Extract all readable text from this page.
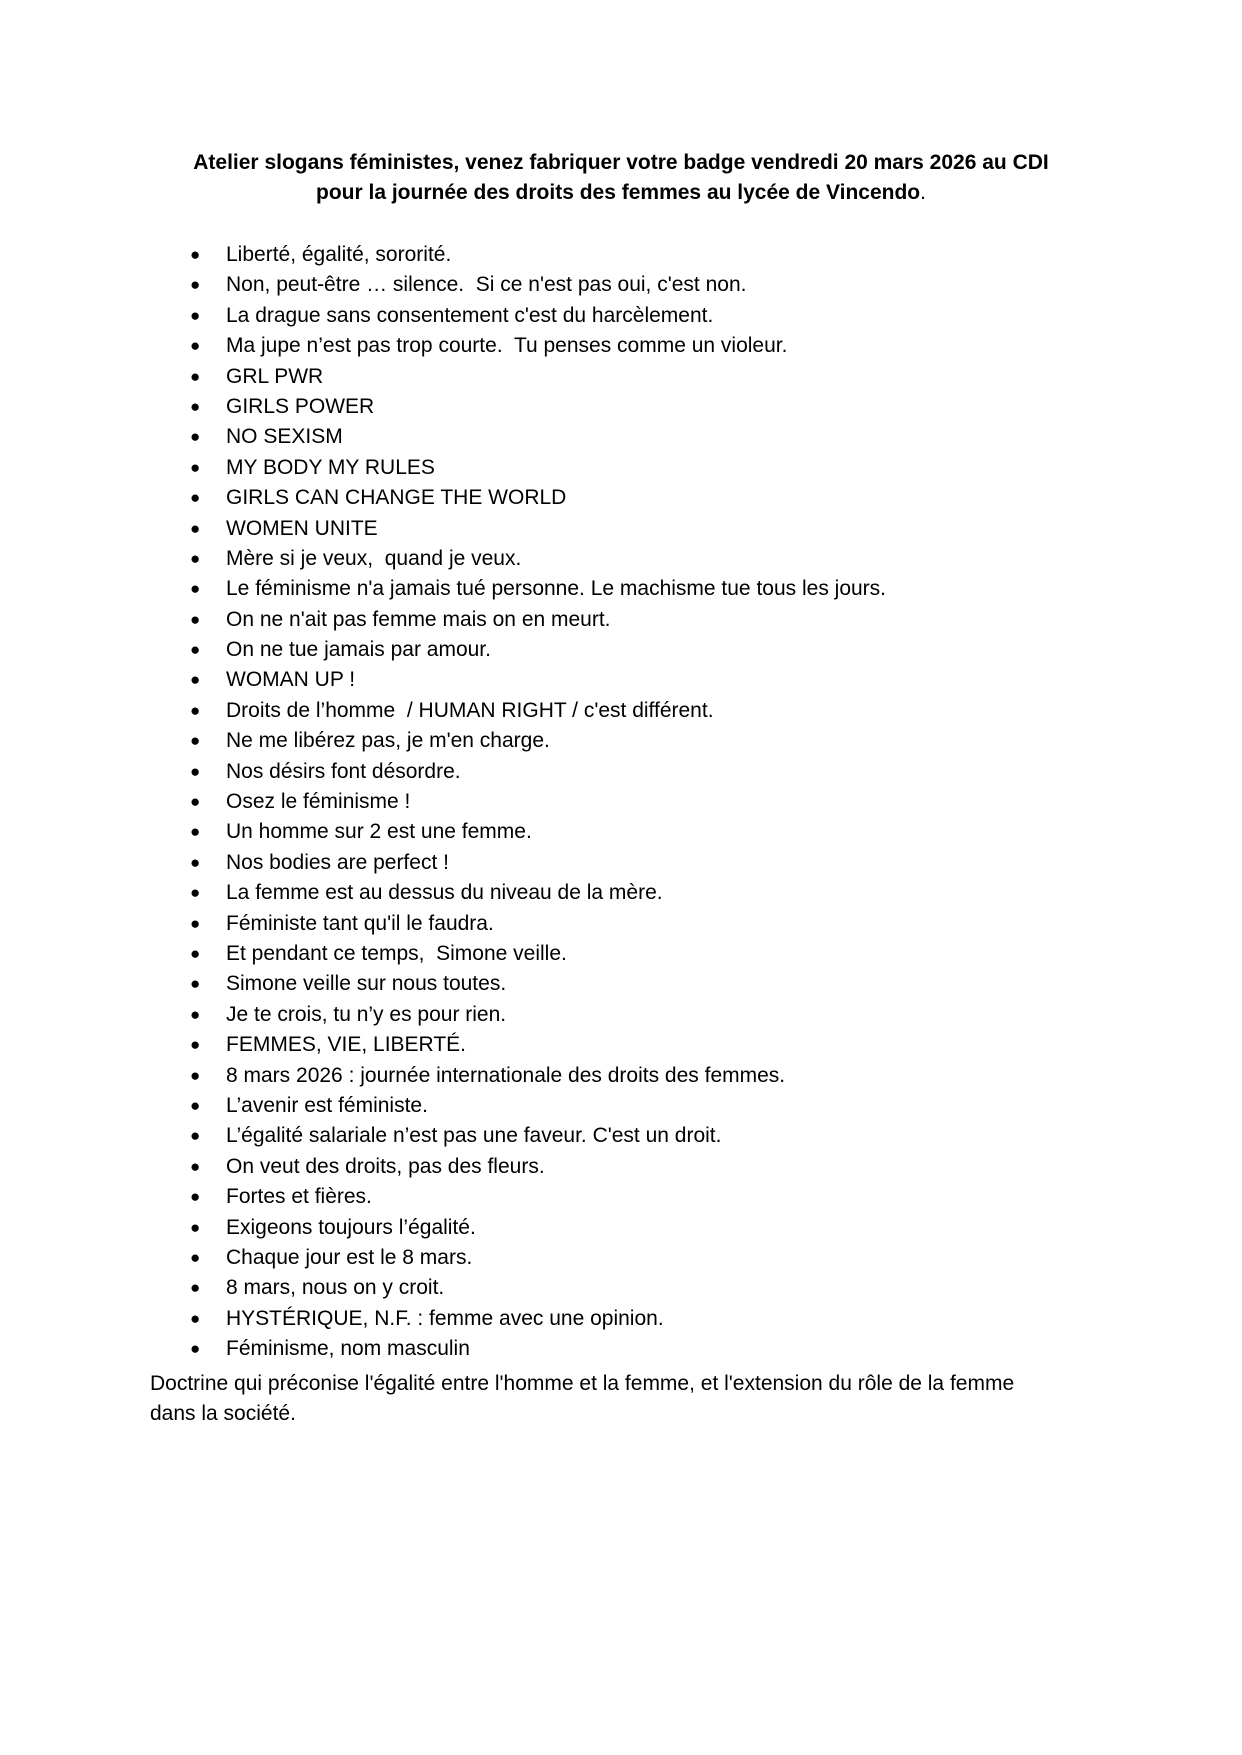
Atelier slogans féministes, venez fabriquer votre badge vendredi 20 mars 2026 au CDI
pour la journée des droits des femmes au lycée de Vincendo.
● Liberté, égalité, sororité.
● Non, peut-être … silence.  Si ce n'est pas oui, c'est non.
● La drague sans consentement c'est du harcèlement.
● Ma jupe n’est pas trop courte.  Tu penses comme un violeur.
● GRL PWR
● GIRLS POWER
● NO SEXISM
● MY BODY MY RULES
● GIRLS CAN CHANGE THE WORLD
● WOMEN UNITE
● Mère si je veux,  quand je veux.
● Le féminisme n'a jamais tué personne. Le machisme tue tous les jours.
● On ne n'ait pas femme mais on en meurt.
● On ne tue jamais par amour.
● WOMAN UP !
● Droits de l’homme  / HUMAN RIGHT / c'est différent.
● Ne me libérez pas, je m'en charge.
● Nos désirs font désordre.
● Osez le féminisme !
● Un homme sur 2 est une femme.
● Nos bodies are perfect !
● La femme est au dessus du niveau de la mère.
● Féministe tant qu'il le faudra.
● Et pendant ce temps,  Simone veille.
● Simone veille sur nous toutes.
● Je te crois, tu n’y es pour rien.
● FEMMES, VIE, LIBERTÉ.
● 8 mars 2026 : journée internationale des droits des femmes.
● L’avenir est féministe.
● L’égalité salariale n’est pas une faveur. C'est un droit.
● On veut des droits, pas des fleurs.
● Fortes et fières.
● Exigeons toujours l’égalité.
● Chaque jour est le 8 mars.
● 8 mars, nous on y croit.
● HYSTÉRIQUE, N.F. : femme avec une opinion.
● Féminisme, nom masculin

Doctrine qui préconise l'égalité entre l'homme et la femme, et l'extension du rôle de la femme dans la société.
